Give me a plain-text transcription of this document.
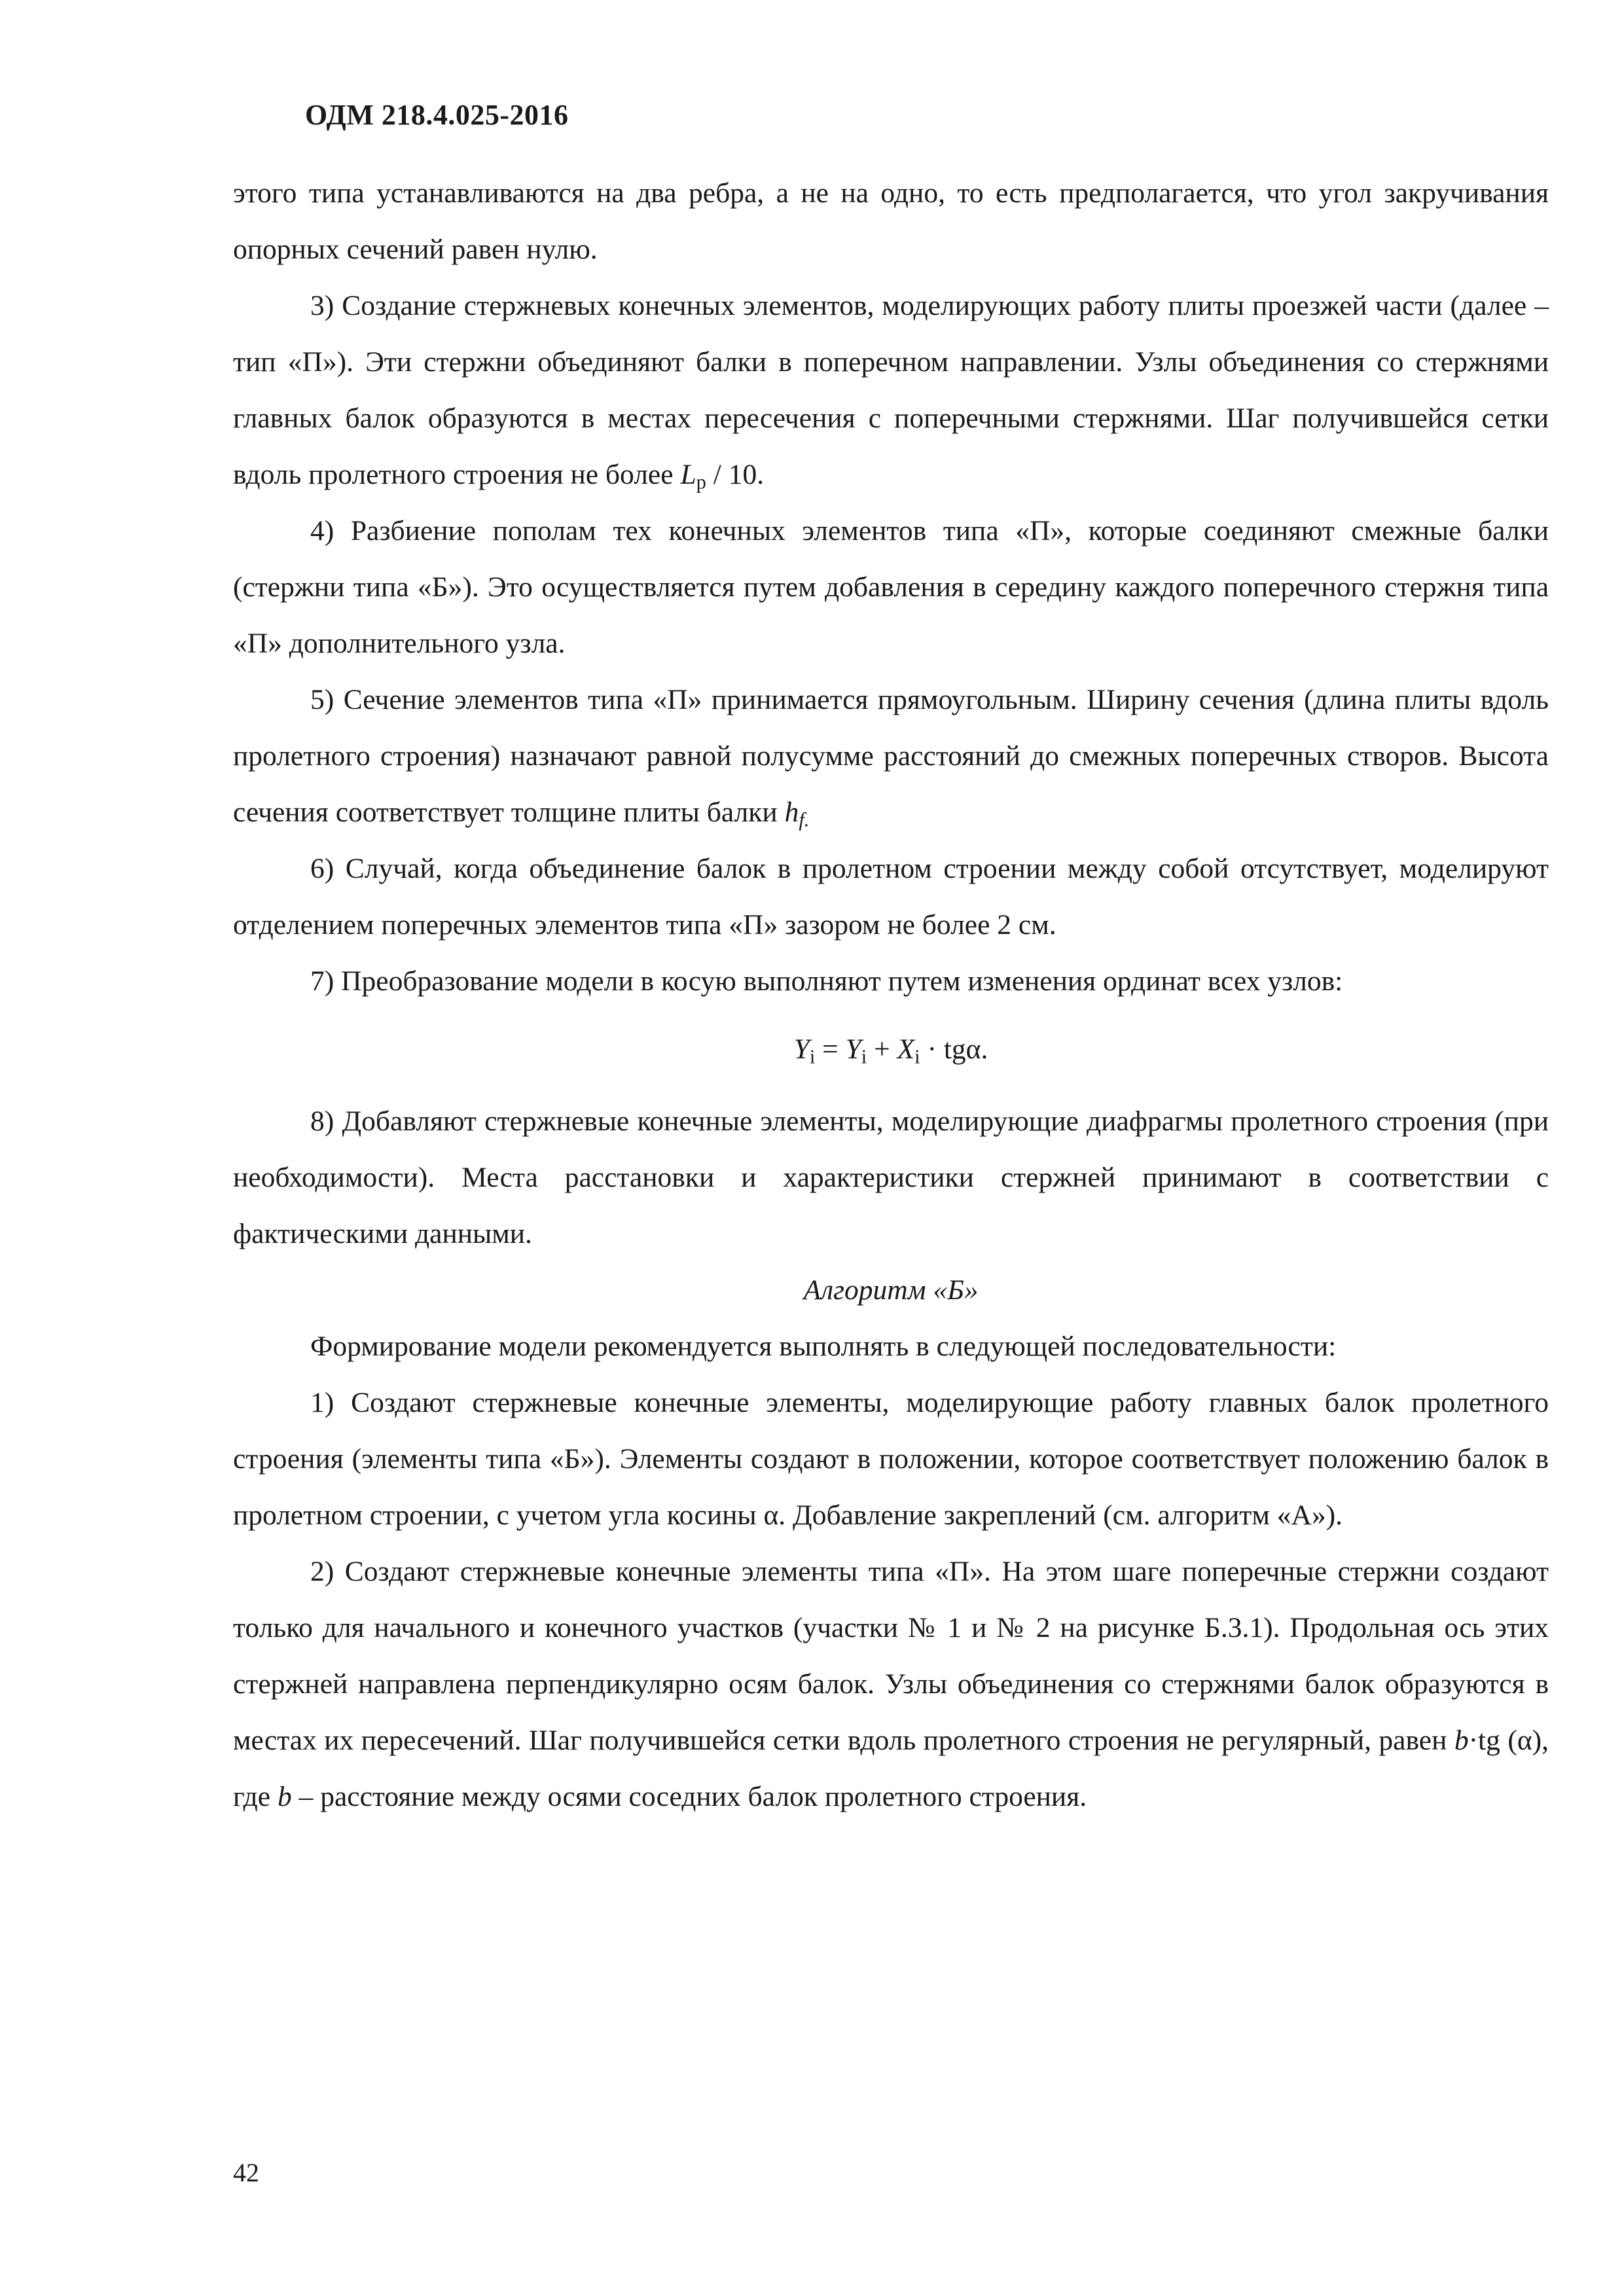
ОДМ 218.4.025-2016

этого типа устанавливаются на два ребра, а не на одно, то есть предполагается, что угол закручивания опорных сечений равен нулю.

3) Создание стержневых конечных элементов, моделирующих работу плиты проезжей части (далее – тип «П»). Эти стержни объединяют балки в поперечном направлении. Узлы объединения со стержнями главных балок образуются в местах пересечения с поперечными стержнями. Шаг получившейся сетки вдоль пролетного строения не более $L_р / 10$.

4) Разбиение пополам тех конечных элементов типа «П», которые соединяют смежные балки (стержни типа «Б»). Это осуществляется путем добавления в середину каждого поперечного стержня типа «П» дополнительного узла.

5) Сечение элементов типа «П» принимается прямоугольным. Ширину сечения (длина плиты вдоль пролетного строения) назначают равной полусумме расстояний до смежных поперечных створов. Высота сечения соответствует толщине плиты балки $h_{f.}$

6) Случай, когда объединение балок в пролетном строении между собой отсутствует, моделируют отделением поперечных элементов типа «П» зазором не более 2 см.

7) Преобразование модели в косую выполняют путем изменения ординат всех узлов:

$Y_i = Y_i + X_i \cdot tg\alpha$.

8) Добавляют стержневые конечные элементы, моделирующие диафрагмы пролетного строения (при необходимости). Места расстановки и характеристики стержней принимают в соответствии с фактическими данными.

Алгоритм «Б»

Формирование модели рекомендуется выполнять в следующей последовательности:

1) Создают стержневые конечные элементы, моделирующие работу главных балок пролетного строения (элементы типа «Б»). Элементы создают в положении, которое соответствует положению балок в пролетном строении, с учетом угла косины α. Добавление закреплений (см. алгоритм «А»).

2) Создают стержневые конечные элементы типа «П». На этом шаге поперечные стержни создают только для начального и конечного участков (участки № 1 и № 2 на рисунке Б.3.1). Продольная ось этих стержней направлена перпендикулярно осям балок. Узлы объединения со стержнями балок образуются в местах их пересечений. Шаг получившейся сетки вдоль пролетного строения не регулярный, равен b·tg (α), где b – расстояние между осями соседних балок пролетного строения.

42
